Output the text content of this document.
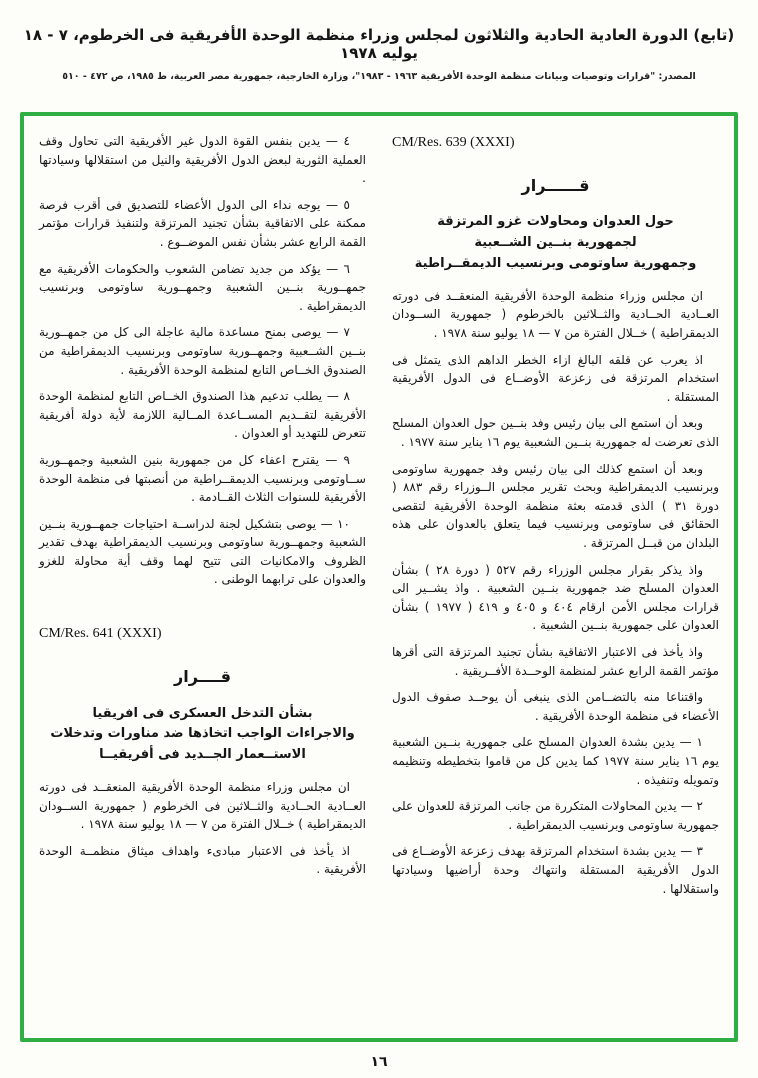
(تابع) الدورة العادية الحادية والثلاثون لمجلس وزراء منظمة الوحدة الأفريقية فى الخرطوم، ٧ - ١٨ يوليه ١٩٧٨
المصدر: "قرارات وتوصيات وبيانات منظمة الوحدة الأفريقية ١٩٦٣ - ١٩٨٣"، وزارة الخارجية، جمهورية مصر العربية، ط ١٩٨٥، ص ٤٧٢ - ٥١٠
CM/Res. 639 (XXXI)
قــــــرار
حول العدوان ومحاولات غزو المرتزقة
لجمهورية بنــين الشــعبية
وجمهورية ساوتومى وبرنسيب الديمقــراطية

ان مجلس وزراء منظمة الوحدة الأفريقية المنعقــد فى دورته العــادية الحــادية والثــلاثين بالخرطوم ( جمهورية الســودان الديمقراطية ) خــلال الفترة من ٧ — ١٨ يوليو سنة ١٩٧٨ .

اذ يعرب عن قلقه البالغ ازاء الخطر الداهم الذى يتمثل فى استخدام المرتزقة فى زعزعة الأوضــاع فى الدول الأفريقية المستقلة .

وبعد أن استمع الى بيان رئيس وفد بنــين حول العدوان المسلح الذى تعرضت له جمهورية بنــين الشعبية يوم ١٦ يناير سنة ١٩٧٧ .

وبعد أن استمع كذلك الى بيان رئيس وفد جمهورية ساوتومى وبرنسيب الديمقراطية وبحث تقرير مجلس الــوزراء رقم ٨٨٣ ( دورة ٣١ ) الذى قدمته بعثة منظمة الوحدة الأفريقية لتقصى الحقائق فى ساوتومى وبرنسيب فيما يتعلق بالعدوان على هذه البلدان من قبــل المرتزقة .

واذ يذكر بقرار مجلس الوزراء رقم ٥٢٧ ( دورة ٢٨ ) بشأن العدوان المسلح ضد جمهورية بنــين الشعبية . واذ يشــير الى قرارات مجلس الأمن ارقام ٤٠٤ و ٤٠٥ و ٤١٩ ( ١٩٧٧ ) بشأن العدوان على جمهورية بنــين الشعبية .

واذ يأخذ فى الاعتبار الاتفاقية بشأن تجنيد المرتزقة التى أقرها مؤتمر القمة الرابع عشر لمنظمة الوحــدة الأفــريقية .

واقتناعا منه بالتضــامن الذى ينبغى أن يوحــد صفوف الدول الأعضاء فى منظمة الوحدة الأفريقية .

١ — يدين بشدة العدوان المسلح على جمهورية بنــين الشعبية يوم ١٦ يناير سنة ١٩٧٧ كما يدين كل من قاموا بتخطيطه وتنظيمه وتمويله وتنفيذه .

٢ — يدين المحاولات المتكررة من جانب المرتزقة للعدوان على جمهورية ساوتومى وبرنسيب الديمقراطية .

٣ — يدين بشدة استخدام المرتزقة بهدف زعزعة الأوضــاع فى الدول الأفريقية المستقلة وانتهاك وحدة أراضيها وسيادتها واستقلالها .

٤ — يدين بنفس القوة الدول غير الأفريقية التى تحاول وقف العملية الثورية لبعض الدول الأفريقية والنيل من استقلالها وسيادتها .

٥ — يوجه نداء الى الدول الأعضاء للتصديق فى أقرب فرصة ممكنة على الاتفاقية بشأن تجنيد المرتزقة ولتنفيذ قرارات مؤتمر القمة الرابع عشر بشأن نفس الموضــوع .

٦ — يؤكد من جديد تضامن الشعوب والحكومات الأفريقية مع جمهــورية بنــين الشعبية وجمهــورية ساوتومى وبرنسيب الديمقراطية .

٧ — يوصى بمنح مساعدة مالية عاجلة الى كل من جمهــورية بنــين الشــعبية وجمهــورية ساوتومى وبرنسيب الديمقراطية من الصندوق الخــاص التابع لمنظمة الوحدة الأفريقية .

٨ — يطلب تدعيم هذا الصندوق الخــاص التابع لمنظمة الوحدة الأفريقية لتقــديم المســاعدة المــالية اللازمة لأية دولة أفريقية تتعرض للتهديد أو العدوان .

٩ — يقترح اعفاء كل من جمهورية بنين الشعبية وجمهــورية ســاوتومى وبرنسيب الديمقــراطية من أنصبتها فى منظمة الوحدة الأفريقية للسنوات الثلاث القــادمة .

١٠ — يوصى بتشكيل لجنة لدراســة احتياجات جمهــورية بنــين الشعبية وجمهــورية ساوتومى وبرنسيب الديمقراطية بهدف تقدير الظروف والامكانيات التى تتيح لهما وقف أية محاولة للغزو والعدوان على ترابهما الوطنى .

CM/Res. 641 (XXXI)
قــــرار
بشأن التدخل العسكرى فى افريقيا
والاجراءات الواجب اتخاذها ضد مناورات وتدخلات
الاستــعمار الجــديد فى أفريقيــا

ان مجلس وزراء منظمة الوحدة الأفريقية المنعقــد فى دورته العــادية الحــادية والثــلاثين فى الخرطوم ( جمهورية الســودان الديمقراطية ) خــلال الفترة من ٧ — ١٨ يوليو سنة ١٩٧٨ .

اذ يأخذ فى الاعتبار مبادىء واهداف ميثاق منظمــة الوحدة الأفريقية .

١٦
